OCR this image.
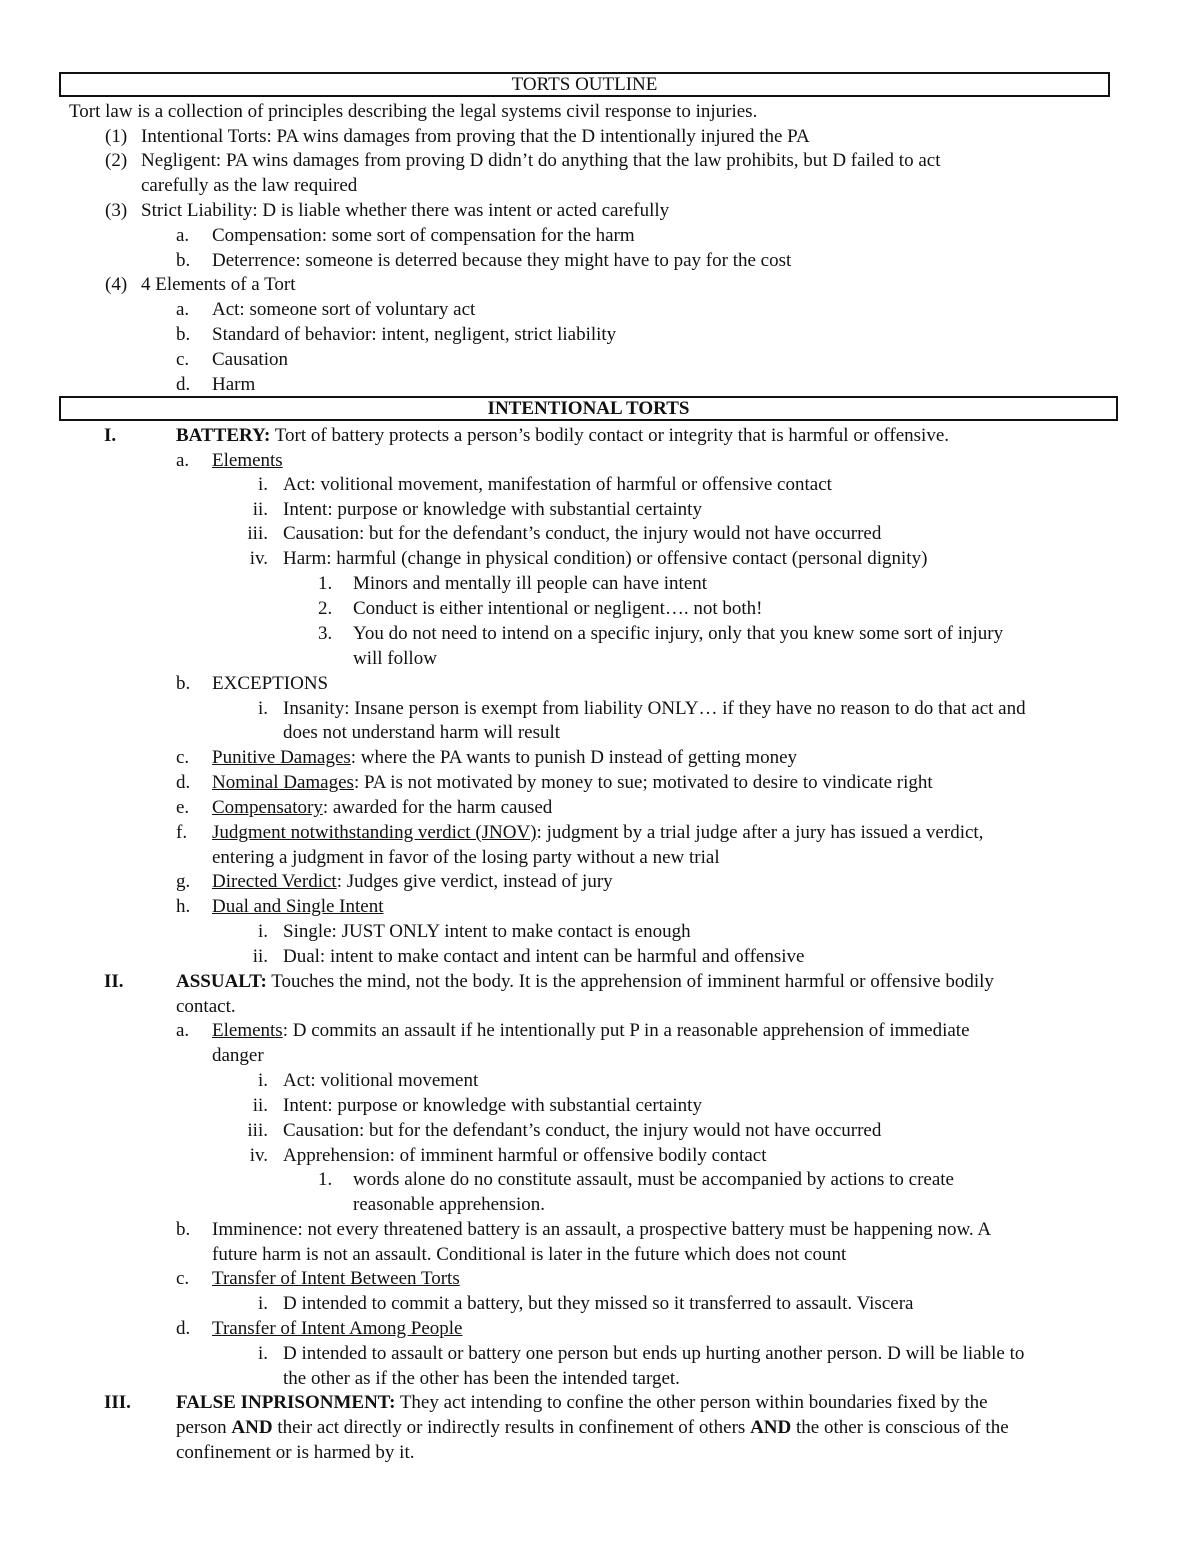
TORTS OUTLINE
Tort law is a collection of principles describing the legal systems civil response to injuries.
(1) Intentional Torts: PA wins damages from proving that the D intentionally injured the PA
(2) Negligent: PA wins damages from proving D didn’t do anything that the law prohibits, but D failed to act
carefully as the law required
(3) Strict Liability: D is liable whether there was intent or acted carefully
a. Compensation: some sort of compensation for the harm
b. Deterrence: someone is deterred because they might have to pay for the cost
(4) 4 Elements of a Tort
a. Act: someone sort of voluntary act
b. Standard of behavior: intent, negligent, strict liability
c. Causation
d. Harm
INTENTIONAL TORTS
I.	BATTERY: Tort of battery protects a person’s bodily contact or integrity that is harmful or offensive.
a. Elements
i. Act: volitional movement, manifestation of harmful or offensive contact
ii. Intent: purpose or knowledge with substantial certainty
iii. Causation: but for the defendant’s conduct, the injury would not have occurred
iv. Harm: harmful (change in physical condition) or offensive contact (personal dignity)
1. Minors and mentally ill people can have intent
2. Conduct is either intentional or negligent…. not both!
3. You do not need to intend on a specific injury, only that you knew some sort of injury
will follow
b. EXCEPTIONS
i. Insanity: Insane person is exempt from liability ONLY… if they have no reason to do that act and
does not understand harm will result
c. Punitive Damages: where the PA wants to punish D instead of getting money
d. Nominal Damages: PA is not motivated by money to sue; motivated to desire to vindicate right
e. Compensatory: awarded for the harm caused
f. Judgment notwithstanding verdict (JNOV): judgment by a trial judge after a jury has issued a verdict,
entering a judgment in favor of the losing party without a new trial
g. Directed Verdict: Judges give verdict, instead of jury
h. Dual and Single Intent
i. Single: JUST ONLY intent to make contact is enough
ii. Dual: intent to make contact and intent can be harmful and offensive
II.	ASSUALT: Touches the mind, not the body. It is the apprehension of imminent harmful or offensive bodily
contact.
a. Elements: D commits an assault if he intentionally put P in a reasonable apprehension of immediate
danger
i. Act: volitional movement
ii. Intent: purpose or knowledge with substantial certainty
iii. Causation: but for the defendant’s conduct, the injury would not have occurred
iv. Apprehension: of imminent harmful or offensive bodily contact
1. words alone do no constitute assault, must be accompanied by actions to create
reasonable apprehension.
b. Imminence: not every threatened battery is an assault, a prospective battery must be happening now. A
future harm is not an assault. Conditional is later in the future which does not count
c. Transfer of Intent Between Torts
i. D intended to commit a battery, but they missed so it transferred to assault. Viscera
d. Transfer of Intent Among People
i. D intended to assault or battery one person but ends up hurting another person. D will be liable to
the other as if the other has been the intended target.
III. FALSE INPRISONMENT: They act intending to confine the other person within boundaries fixed by the
person AND their act directly or indirectly results in confinement of others AND the other is conscious of the
confinement or is harmed by it.
